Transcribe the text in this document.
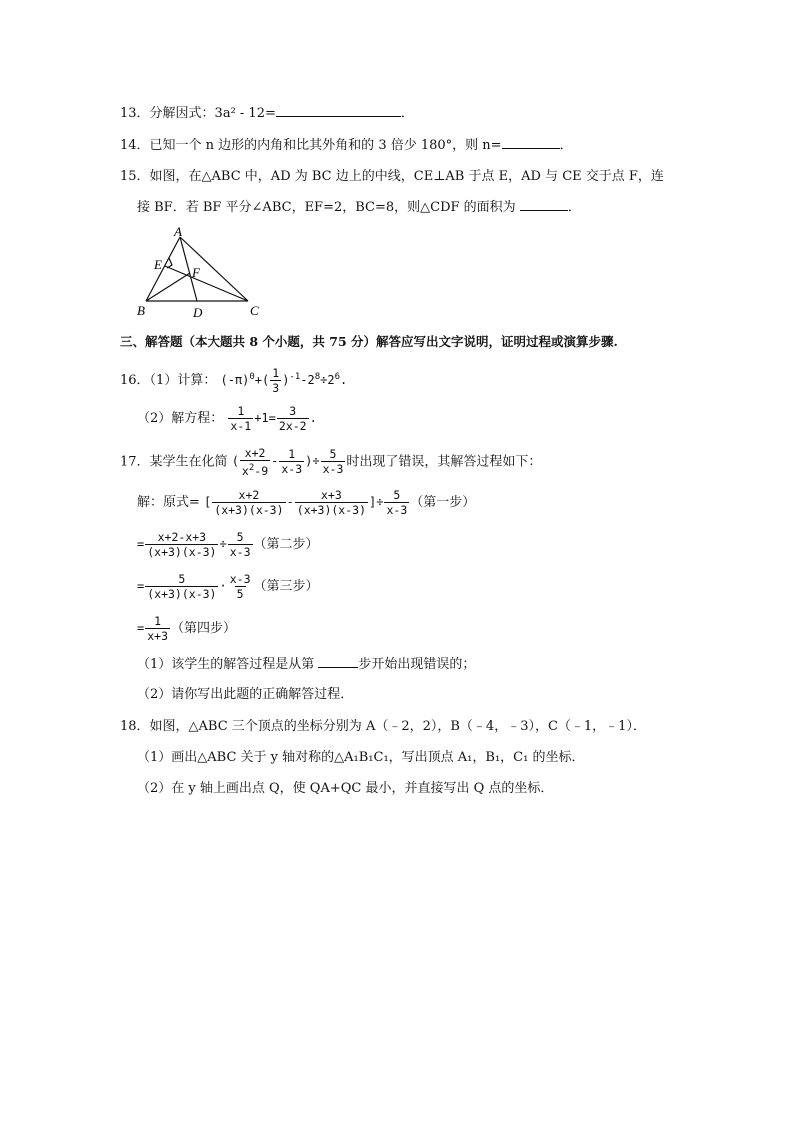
13．分解因式：3a² - 12=	．
14．已知一个 n 边形的内角和比其外角和的 3 倍少 180°，则 n=	．
15．如图，在△ABC 中，AD 为 BC 边上的中线，CE⊥AB 于点 E，AD 与 CE 交于点 F，连
接 BF．若 BF 平分∠ABC，EF=2，BC=8，则△CDF 的面积为	．
A
B	C
D
E
F
三、解答题（本大题共 8 个小题，共 75 分）解答应写出文字说明，证明过程或演算步骤.
16．（1）计算： $(-\pi)^0+( \frac{1}{3} )^{-1}-2^8\div 2^6$.
（2）解方程： $\frac{1}{x-1} +1= \frac{3}{2x-2}$ .
17．某学生在化简 ( $\frac{x+2}{x^2-9} - \frac{1}{x-3}$ )÷ $\frac{5}{x-3}$ 时出现了错误，其解答过程如下：
解：原式= [ $\frac{x+2}{(x+3)(x-3)} - \frac{x+3}{(x+3)(x-3)}$ ]÷ $\frac{5}{x-3}$ （第一步）
= $\frac{x+2-x+3}{(x+3)(x-3)} \div \frac{5}{x-3}$ （第二步）
= $\frac{5}{(x+3)(x-3)} \cdot \frac{x-3}{5}$ （第三步）
= $\frac{1}{x+3}$ （第四步）
（1）该学生的解答过程是从第	步开始出现错误的；
（2）请你写出此题的正确解答过程．
18．如图，△ABC 三个顶点的坐标分别为 A（﹣2，2），B（﹣4，﹣3），C（﹣1，﹣1）．
（1）画出△ABC 关于 y 轴对称的△A₁B₁C₁，写出顶点 A₁，B₁，C₁ 的坐标．
（2）在 y 轴上画出点 Q，使 QA+QC 最小，并直接写出 Q 点的坐标．
